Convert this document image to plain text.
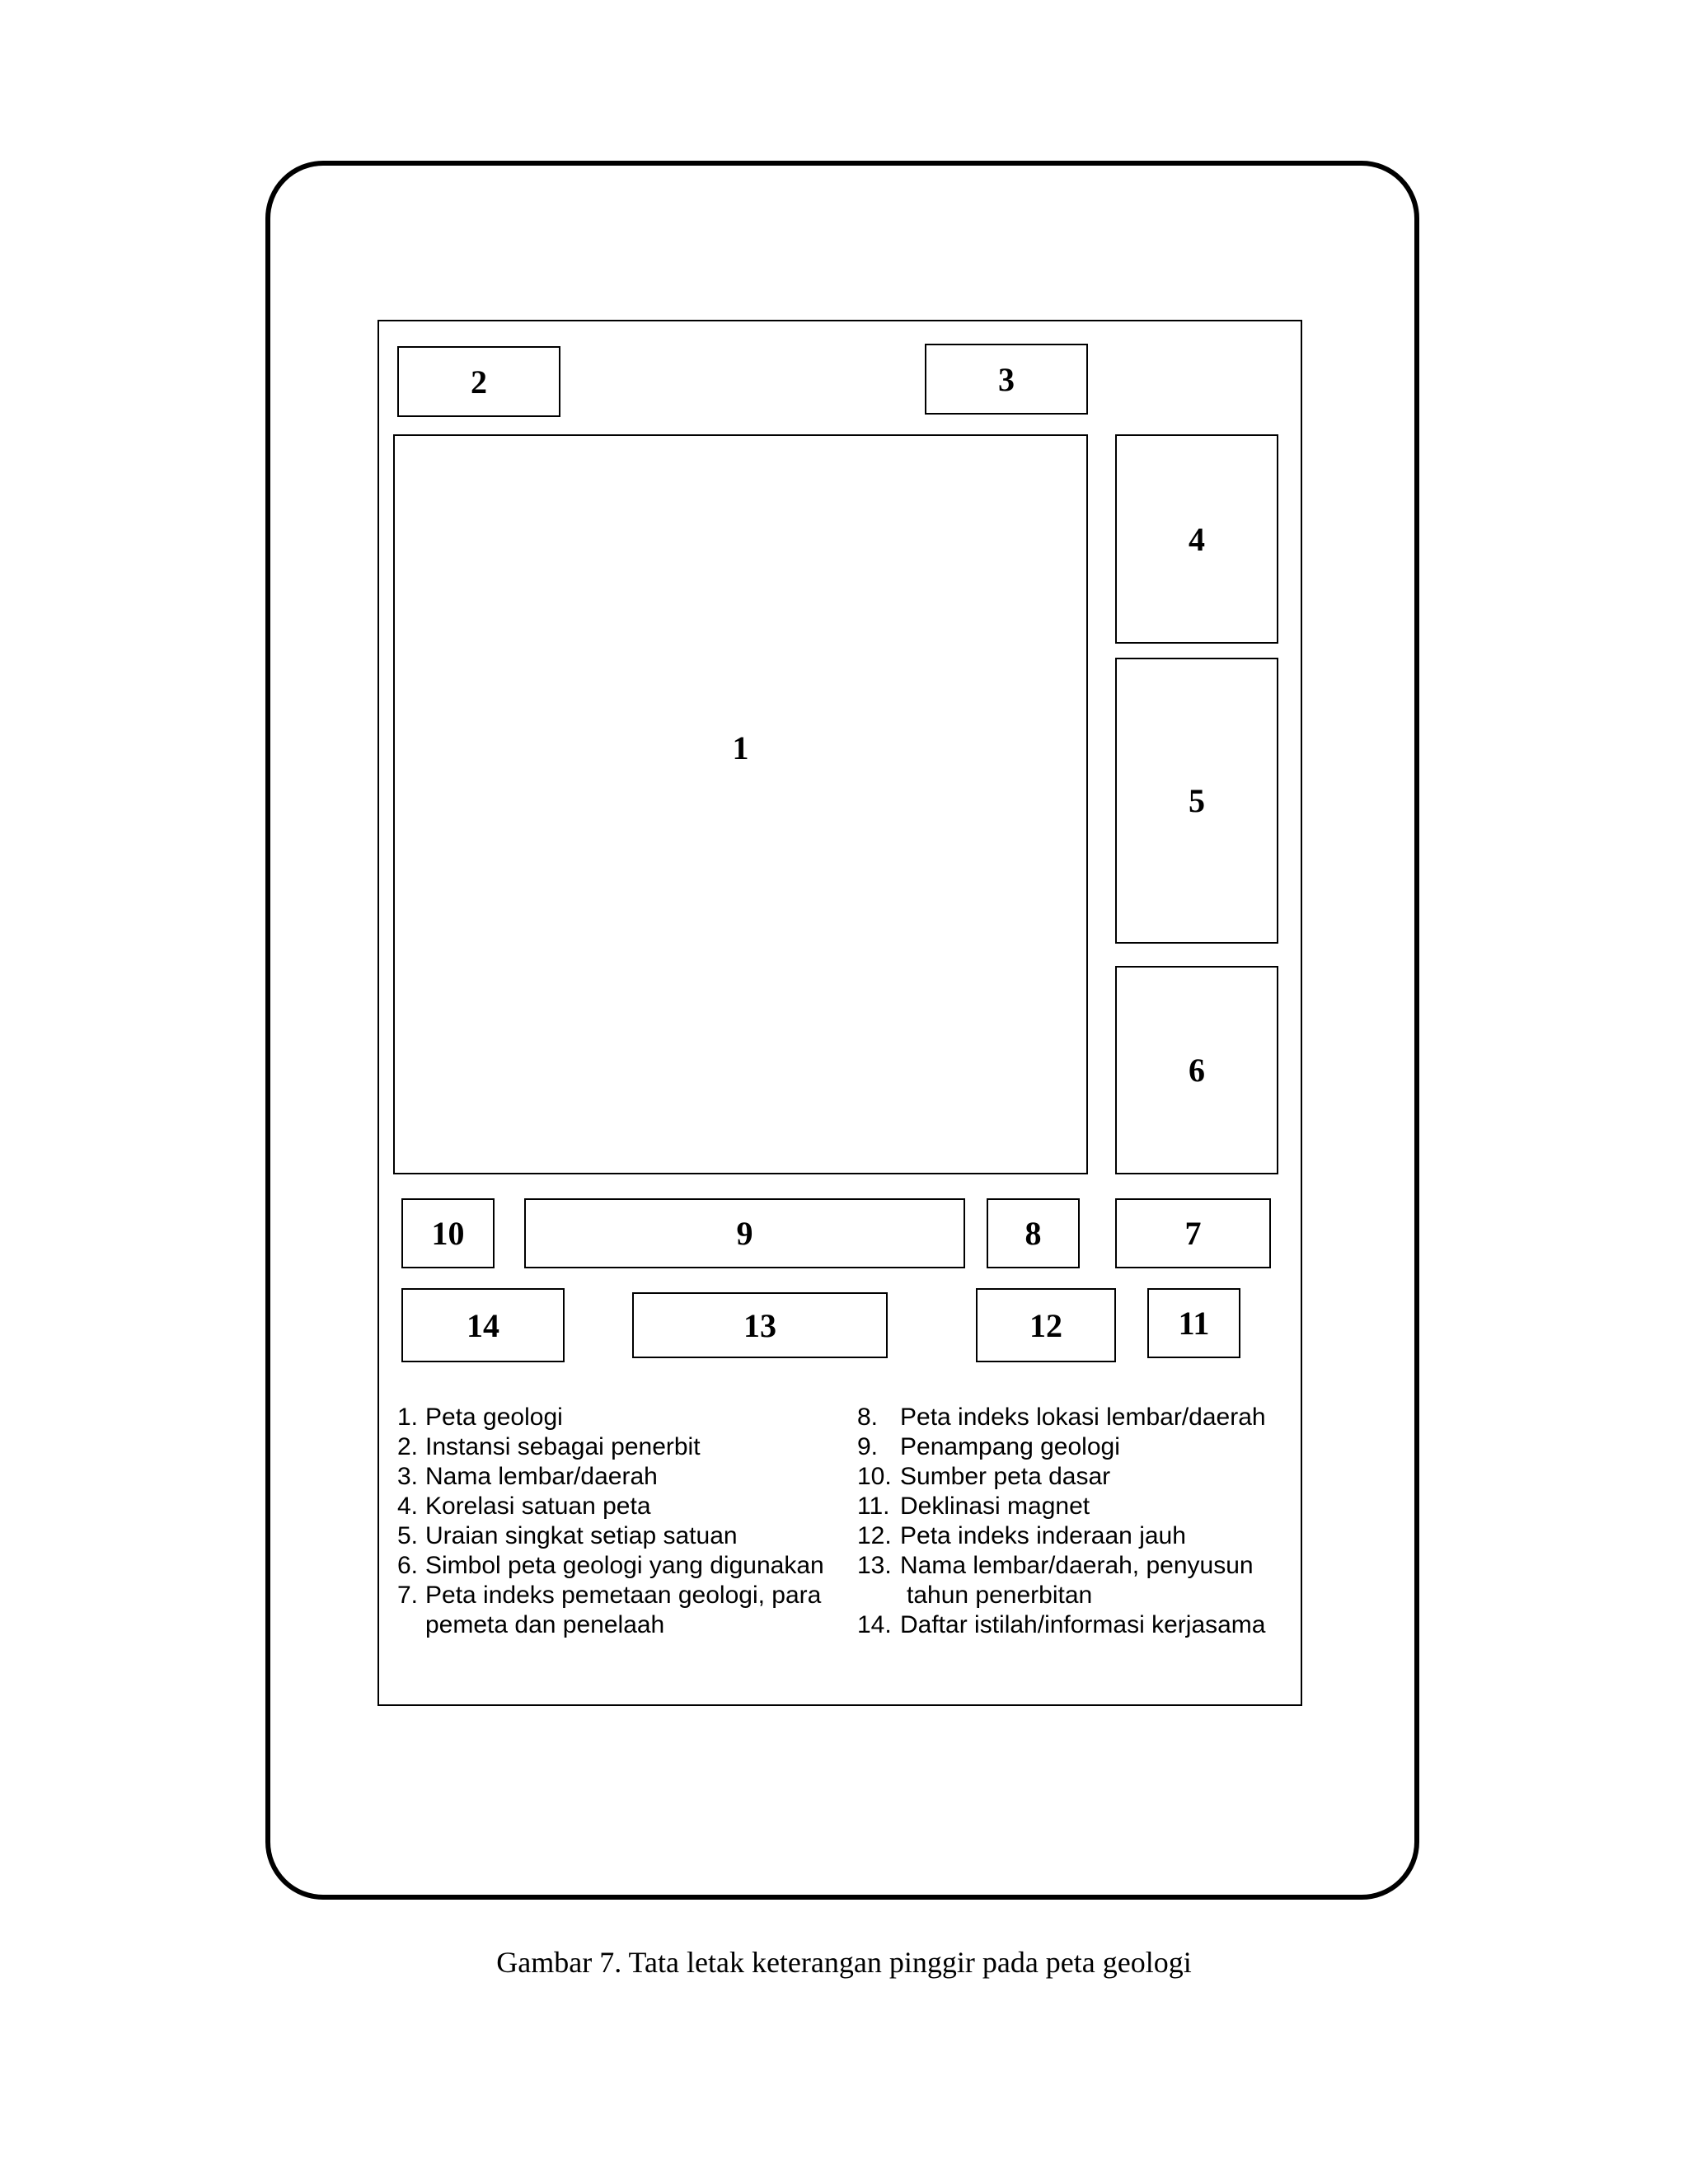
2	3
1
4
5
6
10	9	8	7
14	13	12	11
1. Peta geologi
2. Instansi sebagai penerbit
3. Nama lembar/daerah
4. Korelasi satuan peta
5. Uraian singkat setiap satuan
6. Simbol peta geologi yang digunakan
7. Peta indeks pemetaan geologi, para
pemeta dan penelaah
8. Peta indeks lokasi lembar/daerah
9. Penampang geologi
10. Sumber peta dasar
11. Deklinasi magnet
12. Peta indeks inderaan jauh
13. Nama lembar/daerah, penyusun
tahun penerbitan
14. Daftar istilah/informasi kerjasama
Gambar 7. Tata letak keterangan pinggir pada peta geologi
